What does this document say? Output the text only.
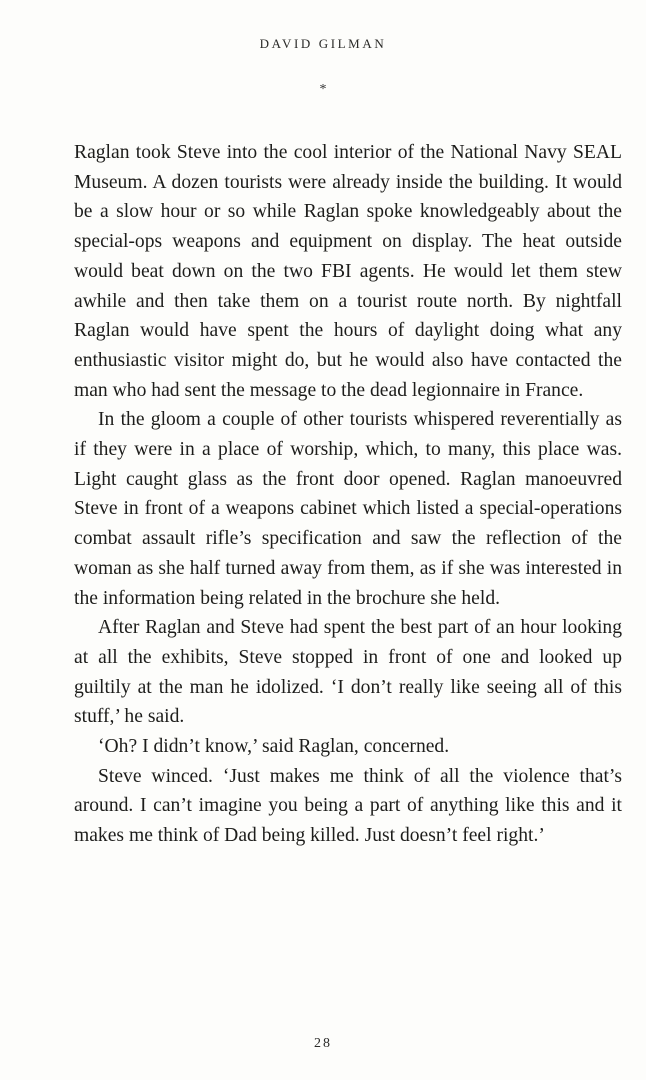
DAVID GILMAN
*

Raglan took Steve into the cool interior of the National Navy SEAL Museum. A dozen tourists were already inside the building. It would be a slow hour or so while Raglan spoke knowledgeably about the special-ops weapons and equipment on display. The heat outside would beat down on the two FBI agents. He would let them stew awhile and then take them on a tourist route north. By nightfall Raglan would have spent the hours of daylight doing what any enthusiastic visitor might do, but he would also have contacted the man who had sent the message to the dead legionnaire in France.

In the gloom a couple of other tourists whispered reverentially as if they were in a place of worship, which, to many, this place was. Light caught glass as the front door opened. Raglan manoeuvred Steve in front of a weapons cabinet which listed a special-operations combat assault rifle’s specification and saw the reflection of the woman as she half turned away from them, as if she was interested in the information being related in the brochure she held.

After Raglan and Steve had spent the best part of an hour looking at all the exhibits, Steve stopped in front of one and looked up guiltily at the man he idolized. ‘I don’t really like seeing all of this stuff,’ he said.

‘Oh? I didn’t know,’ said Raglan, concerned.

Steve winced. ‘Just makes me think of all the violence that’s around. I can’t imagine you being a part of anything like this and it makes me think of Dad being killed. Just doesn’t feel right.’

28
